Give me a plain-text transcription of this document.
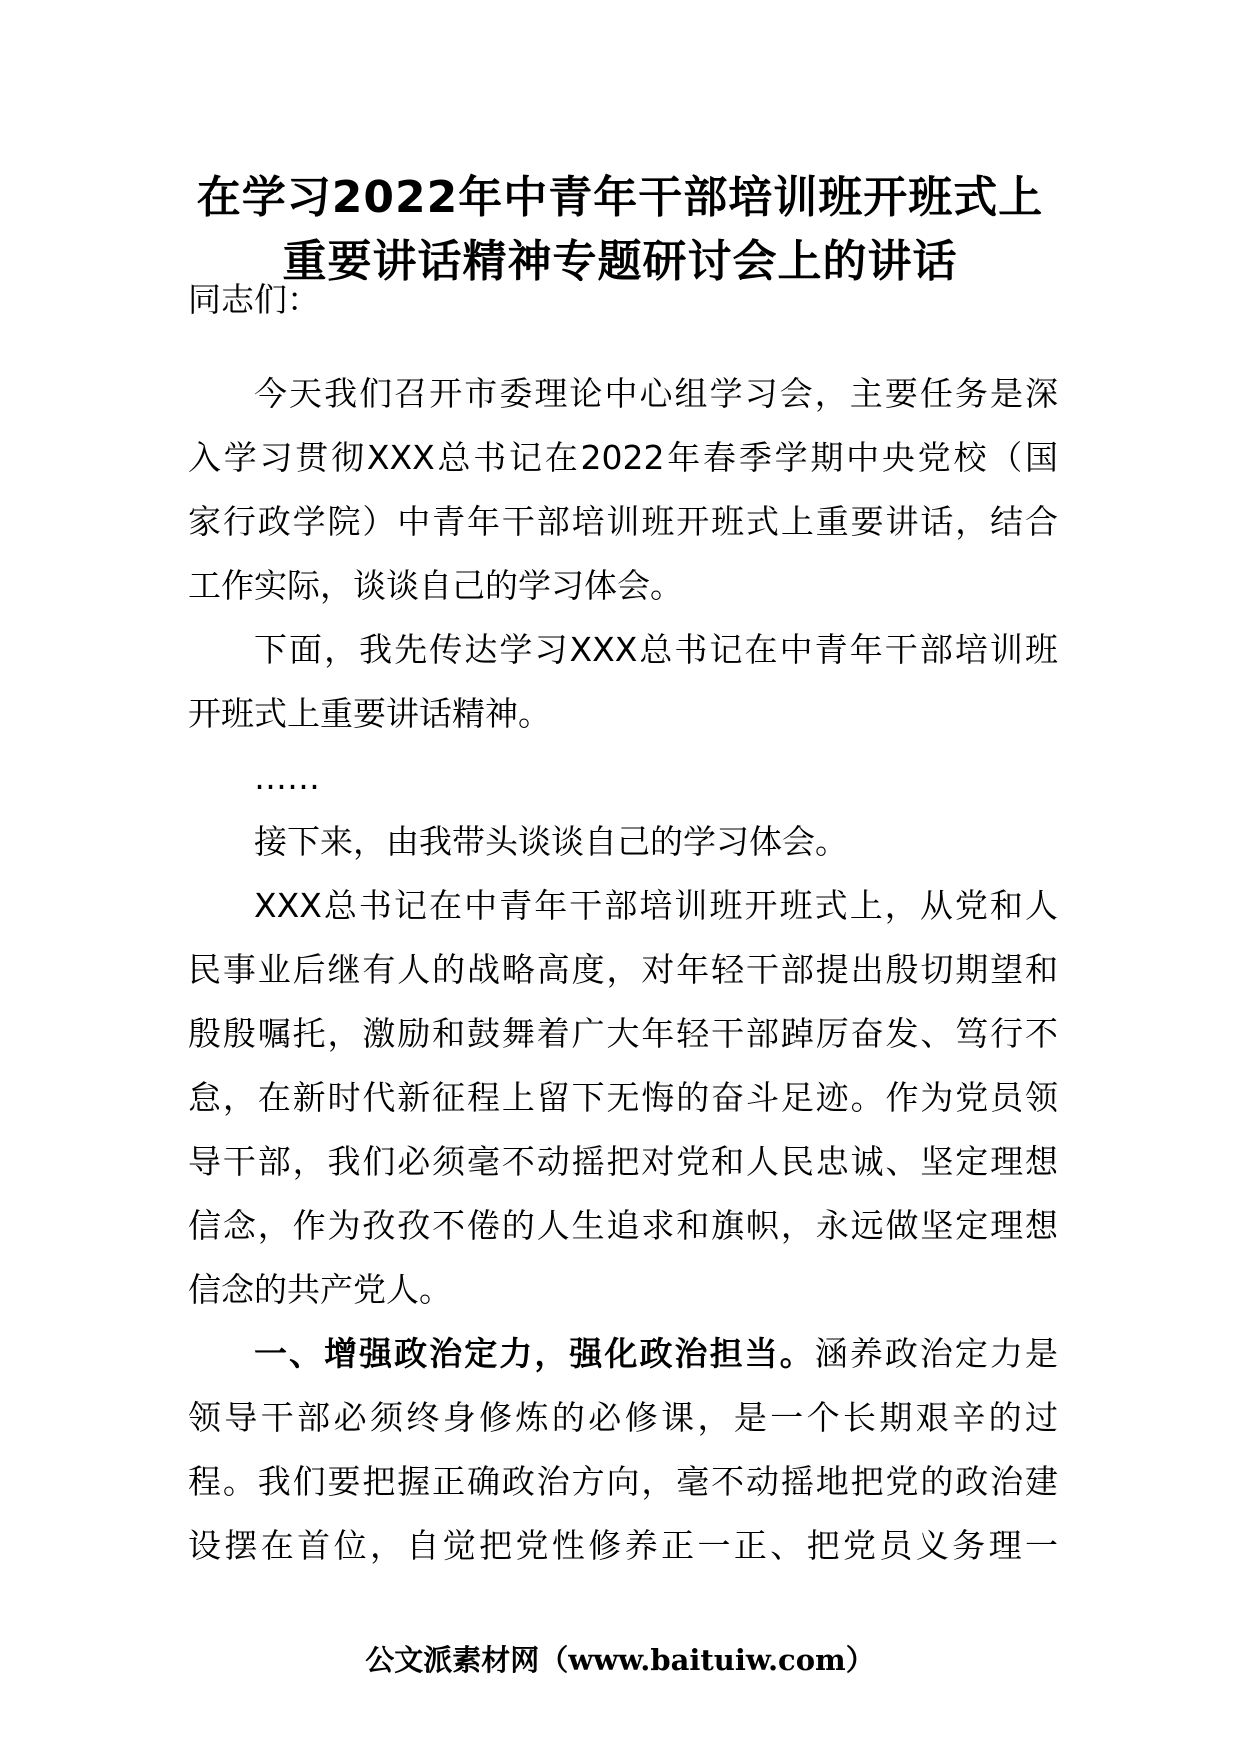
在学习2022年中青年干部培训班开班式上
重要讲话精神专题研讨会上的讲话
同志们：
今天我们召开市委理论中心组学习会，主要任务是深
入学习贯彻XXX总书记在2022年春季学期中央党校（国
家行政学院）中青年干部培训班开班式上重要讲话，结合
工作实际，谈谈自己的学习体会。
下面，我先传达学习XXX总书记在中青年干部培训班
开班式上重要讲话精神。
……
接下来，由我带头谈谈自己的学习体会。
XXX总书记在中青年干部培训班开班式上，从党和人
民事业后继有人的战略高度，对年轻干部提出殷切期望和
殷殷嘱托，激励和鼓舞着广大年轻干部踔厉奋发、笃行不
怠，在新时代新征程上留下无悔的奋斗足迹。作为党员领
导干部，我们必须毫不动摇把对党和人民忠诚、坚定理想
信念，作为孜孜不倦的人生追求和旗帜，永远做坚定理想
信念的共产党人。
一、增强政治定力，强化政治担当。涵养政治定力是
领导干部必须终身修炼的必修课，是一个长期艰辛的过
程。我们要把握正确政治方向，毫不动摇地把党的政治建
设摆在首位，自觉把党性修养正一正、把党员义务理一
公文派素材网（www.baituiw.com）
